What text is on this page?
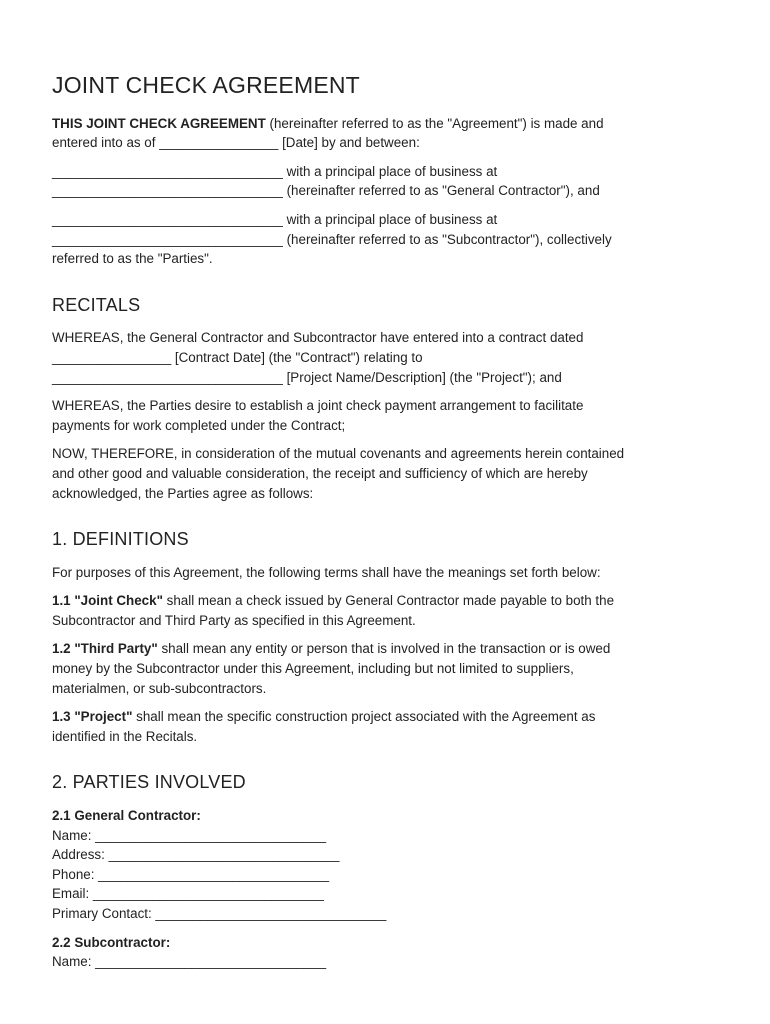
JOINT CHECK AGREEMENT

THIS JOINT CHECK AGREEMENT (hereinafter referred to as the "Agreement") is made and
entered into as of ________________ [Date] by and between:

_______________________________ with a principal place of business at
_______________________________ (hereinafter referred to as "General Contractor"), and

_______________________________ with a principal place of business at
_______________________________ (hereinafter referred to as "Subcontractor"), collectively
referred to as the "Parties".

RECITALS

WHEREAS, the General Contractor and Subcontractor have entered into a contract dated
________________ [Contract Date] (the "Contract") relating to
_______________________________ [Project Name/Description] (the "Project"); and

WHEREAS, the Parties desire to establish a joint check payment arrangement to facilitate
payments for work completed under the Contract;

NOW, THEREFORE, in consideration of the mutual covenants and agreements herein contained
and other good and valuable consideration, the receipt and sufficiency of which are hereby
acknowledged, the Parties agree as follows:

1. DEFINITIONS

For purposes of this Agreement, the following terms shall have the meanings set forth below:

1.1 "Joint Check" shall mean a check issued by General Contractor made payable to both the
Subcontractor and Third Party as specified in this Agreement.

1.2 "Third Party" shall mean any entity or person that is involved in the transaction or is owed
money by the Subcontractor under this Agreement, including but not limited to suppliers,
materialmen, or sub-subcontractors.

1.3 "Project" shall mean the specific construction project associated with the Agreement as
identified in the Recitals.

2. PARTIES INVOLVED
2.1 General Contractor:
Name: _______________________________
Address: _______________________________
Phone: _______________________________
Email: _______________________________
Primary Contact: _______________________________
2.2 Subcontractor:
Name: _______________________________
